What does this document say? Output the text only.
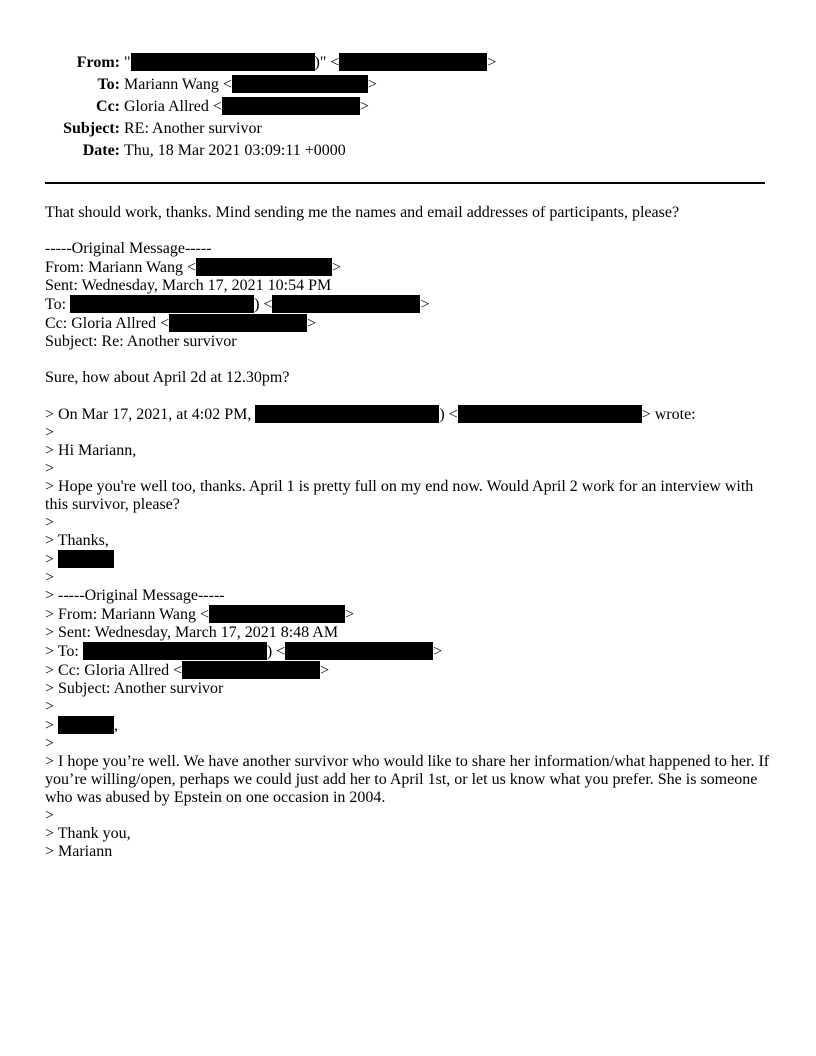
From: "	)" <	>
To: Mariann Wang <	>
Cc: Gloria Allred <	>
Subject: RE: Another survivor
Date: Thu, 18 Mar 2021 03:09:11 +0000
That should work, thanks. Mind sending me the names and email addresses of participants, please?
-----Original Message-----
From: Mariann Wang <	>
Sent: Wednesday, March 17, 2021 10:54 PM
To:	) <	>
Cc: Gloria Allred <	>
Subject: Re: Another survivor
Sure, how about April 2d at 12.30pm?
> On Mar 17, 2021, at 4:02 PM,	) <	> wrote:
>
> Hi Mariann,
>
> Hope you're well too, thanks. April 1 is pretty full on my end now. Would April 2 work for an interview with this survivor, please?
>
> Thanks,
>
>
> -----Original Message-----
> From: Mariann Wang <	>
> Sent: Wednesday, March 17, 2021 8:48 AM
> To:	) <	>
> Cc: Gloria Allred <	>
> Subject: Another survivor
>
>	,
>
> I hope you’re well. We have another survivor who would like to share her information/what happened to her. If you’re willing/open, perhaps we could just add her to April 1st, or let us know what you prefer. She is someone who was abused by Epstein on one occasion in 2004.
>
> Thank you,
> Mariann
